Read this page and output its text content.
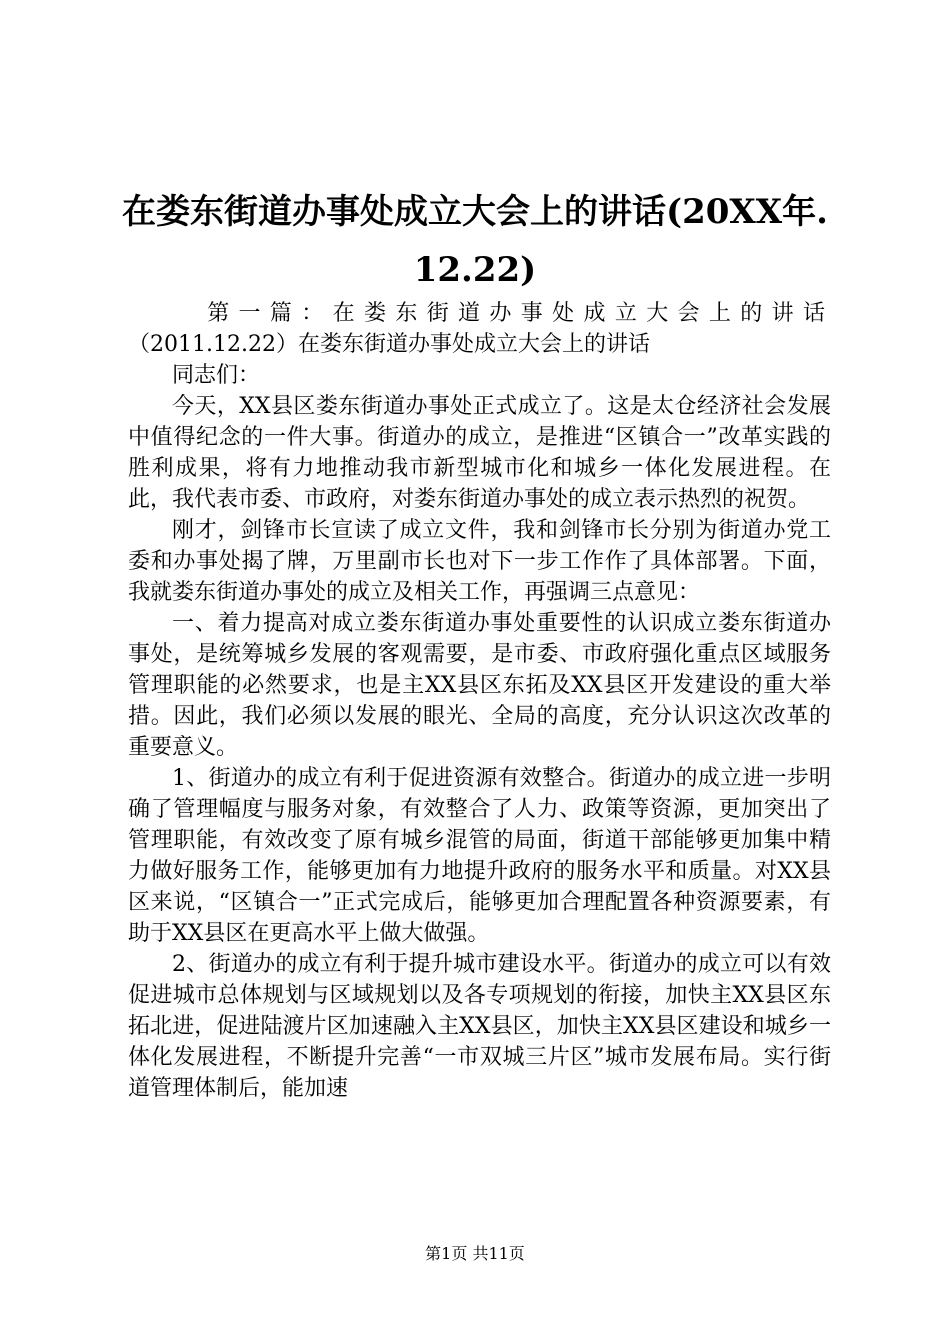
在娄东街道办事处成立大会上的讲话(20XX年.
12.22)

第一篇：在娄东街道办事处成立大会上的讲话（2011.12.22）在娄东街道办事处成立大会上的讲话

同志们：

今天，XX县区娄东街道办事处正式成立了。这是太仓经济社会发展中值得纪念的一件大事。街道办的成立，是推进“区镇合一”改革实践的胜利成果，将有力地推动我市新型城市化和城乡一体化发展进程。在此，我代表市委、市政府，对娄东街道办事处的成立表示热烈的祝贺。

刚才，剑锋市长宣读了成立文件，我和剑锋市长分别为街道办党工委和办事处揭了牌，万里副市长也对下一步工作作了具体部署。下面，我就娄东街道办事处的成立及相关工作，再强调三点意见：

一、着力提高对成立娄东街道办事处重要性的认识成立娄东街道办事处，是统筹城乡发展的客观需要，是市委、市政府强化重点区域服务管理职能的必然要求，也是主XX县区东拓及XX县区开发建设的重大举措。因此，我们必须以发展的眼光、全局的高度，充分认识这次改革的重要意义。

1、街道办的成立有利于促进资源有效整合。街道办的成立进一步明确了管理幅度与服务对象，有效整合了人力、政策等资源，更加突出了管理职能，有效改变了原有城乡混管的局面，街道干部能够更加集中精力做好服务工作，能够更加有力地提升政府的服务水平和质量。对XX县区来说，“区镇合一”正式完成后，能够更加合理配置各种资源要素，有助于XX县区在更高水平上做大做强。

2、街道办的成立有利于提升城市建设水平。街道办的成立可以有效促进城市总体规划与区域规划以及各专项规划的衔接，加快主XX县区东拓北进，促进陆渡片区加速融入主XX县区，加快主XX县区建设和城乡一体化发展进程，不断提升完善“一市双城三片区”城市发展布局。实行街道管理体制后，能加速

第1页 共11页
